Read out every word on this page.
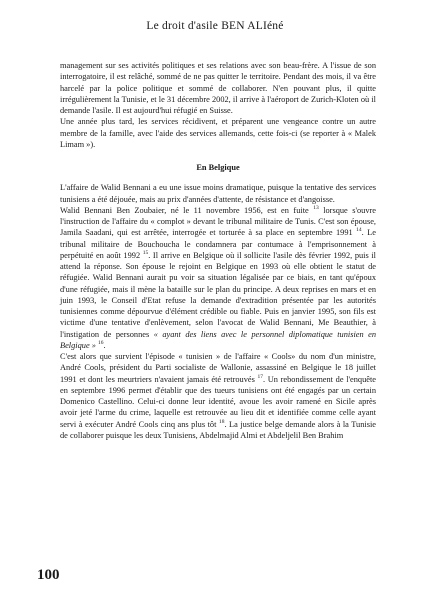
Le droit d'asile BEN ALIéné

management sur ses activités politiques et ses relations avec son beau-frère. A l'issue de son interrogatoire, il est relâché, sommé de ne pas quitter le territoire. Pendant des mois, il va être harcelé par la police politique et sommé de collaborer. N'en pouvant plus, il quitte irrégulièrement la Tunisie, et le 31 décembre 2002, il arrive à l'aéroport de Zurich-Kloten où il demande l'asile. Il est aujourd'hui réfugié en Suisse.

Une année plus tard, les services récidivent, et préparent une vengeance contre un autre membre de la famille, avec l'aide des services allemands, cette fois-ci (se reporter à « Malek Limam »).

En Belgique

L'affaire de Walid Bennani a eu une issue moins dramatique, puisque la tentative des services tunisiens a été déjouée, mais au prix d'années d'attente, de résistance et d'angoisse.

Walid Bennani Ben Zoubaier, né le 11 novembre 1956, est en fuite $^{13}$ lorsque s'ouvre l'instruction de l'affaire du « complot » devant le tribunal militaire de Tunis. C'est son épouse, Jamila Saadani, qui est arrêtée, interrogée et torturée à sa place en septembre 1991 $^{14}$. Le tribunal militaire de Bouchoucha le condamnera par contumace à l'emprisonnement à perpétuité en août 1992 $^{15}$. Il arrive en Belgique où il sollicite l'asile dès février 1992, puis il attend la réponse. Son épouse le rejoint en Belgique en 1993 où elle obtient le statut de réfugiée. Walid Bennani aurait pu voir sa situation légalisée par ce biais, en tant qu'époux d'une réfugiée, mais il mène la bataille sur le plan du principe. A deux reprises en mars et en juin 1993, le Conseil d'Etat refuse la demande d'extradition présentée par les autorités tunisiennes comme dépourvue d'élément crédible ou fiable. Puis en janvier 1995, son fils est victime d'une tentative d'enlèvement, selon l'avocat de Walid Bennani, Me Beauthier, à l'instigation de personnes « ayant des liens avec le personnel diplomatique tunisien en Belgique » $^{16}$.

C'est alors que survient l'épisode « tunisien » de l'affaire « Cools» du nom d'un ministre, André Cools, président du Parti socialiste de Wallonie, assassiné en Belgique le 18 juillet 1991 et dont les meurtriers n'avaient jamais été retrouvés $^{17}$. Un rebondissement de l'enquête en septembre 1996 permet d'établir que des tueurs tunisiens ont été engagés par un certain Domenico Castellino. Celui-ci donne leur identité, avoue les avoir ramené en Sicile après avoir jeté l'arme du crime, laquelle est retrouvée au lieu dit et identifiée comme celle ayant servi à exécuter André Cools cinq ans plus tôt $^{18}$. La justice belge demande alors à la Tunisie de collaborer puisque les deux Tunisiens, Abdelmajid Almi et Abdeljelil Ben Brahim

100
